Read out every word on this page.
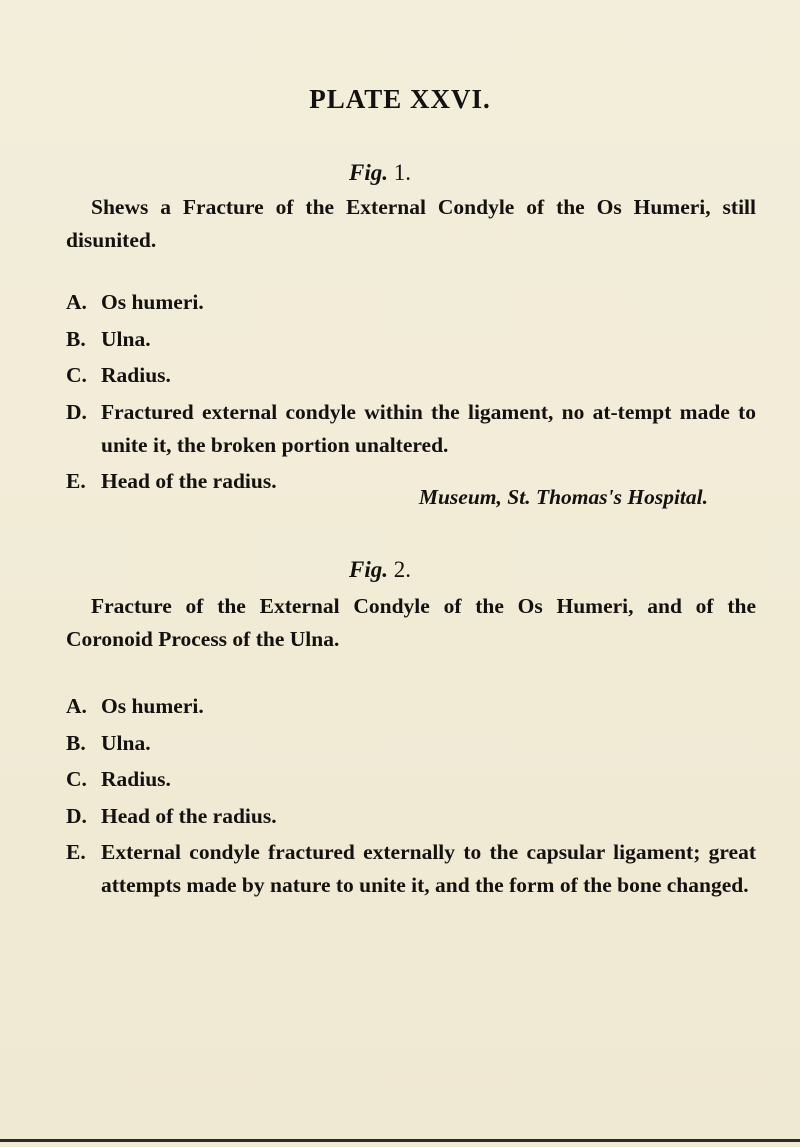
PLATE XXVI.
Fig. 1.
Shews a Fracture of the External Condyle of the Os Humeri, still disunited.
A. Os humeri.
B. Ulna.
C. Radius.
D. Fractured external condyle within the ligament, no at-tempt made to unite it, the broken portion unaltered.
E. Head of the radius.
Museum, St. Thomas's Hospital.
Fig. 2.
Fracture of the External Condyle of the Os Humeri, and of the Coronoid Process of the Ulna.
A. Os humeri.
B. Ulna.
C. Radius.
D. Head of the radius.
E. External condyle fractured externally to the capsular ligament; great attempts made by nature to unite it, and the form of the bone changed.
